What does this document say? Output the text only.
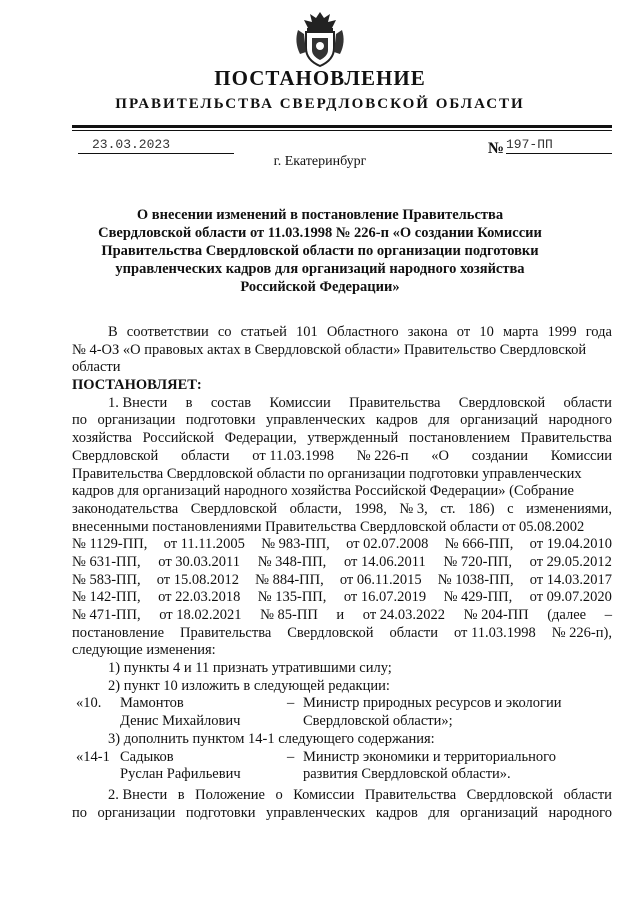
ПОСТАНОВЛЕНИЕ
ПРАВИТЕЛЬСТВА СВЕРДЛОВСКОЙ ОБЛАСТИ
23.03.2023	№ 197-ПП
г. Екатеринбург
О внесении изменений в постановление Правительства
Свердловской области от 11.03.1998 № 226-п «О создании Комиссии
Правительства Свердловской области по организации подготовки
управленческих кадров для организаций народного хозяйства
Российской Федерации»
В соответствии со статьей 101 Областного закона от 10 марта 1999 года
№ 4-ОЗ «О правовых актах в Свердловской области» Правительство Свердловской
области
ПОСТАНОВЛЯЕТ:
1. Внести в состав Комиссии Правительства Свердловской области
по организации подготовки управленческих кадров для организаций народного
хозяйства Российской Федерации, утвержденный постановлением Правительства
Свердловской области от 11.03.1998 № 226-п «О создании Комиссии
Правительства Свердловской области по организации подготовки управленческих
кадров для организаций народного хозяйства Российской Федерации» (Собрание
законодательства Свердловской области, 1998, № 3, ст. 186) с изменениями,
внесенными постановлениями Правительства Свердловской области от 05.08.2002
№ 1129-ПП, от 11.11.2005 № 983-ПП, от 02.07.2008 № 666-ПП, от 19.04.2010
№ 631-ПП, от 30.03.2011 № 348-ПП, от 14.06.2011 № 720-ПП, от 29.05.2012
№ 583-ПП, от 15.08.2012 № 884-ПП, от 06.11.2015 № 1038-ПП, от 14.03.2017
№ 142-ПП, от 22.03.2018 № 135-ПП, от 16.07.2019 № 429-ПП, от 09.07.2020
№ 471-ПП, от 18.02.2021 № 85-ПП и от 24.03.2022 № 204-ПП (далее –
постановление Правительства Свердловской области от 11.03.1998 № 226-п),
следующие изменения:
1) пункты 4 и 11 признать утратившими силу;
2) пункт 10 изложить в следующей редакции:
«10. Мамонтов
Денис Михайлович
– Министр природных ресурсов и экологии
Свердловской области»;
3) дополнить пунктом 14-1 следующего содержания:
«14-1 Садыков
Руслан Рафильевич
– Министр экономики и территориального
развития Свердловской области».
2. Внести в Положение о Комиссии Правительства Свердловской области
по организации подготовки управленческих кадров для организаций народного
